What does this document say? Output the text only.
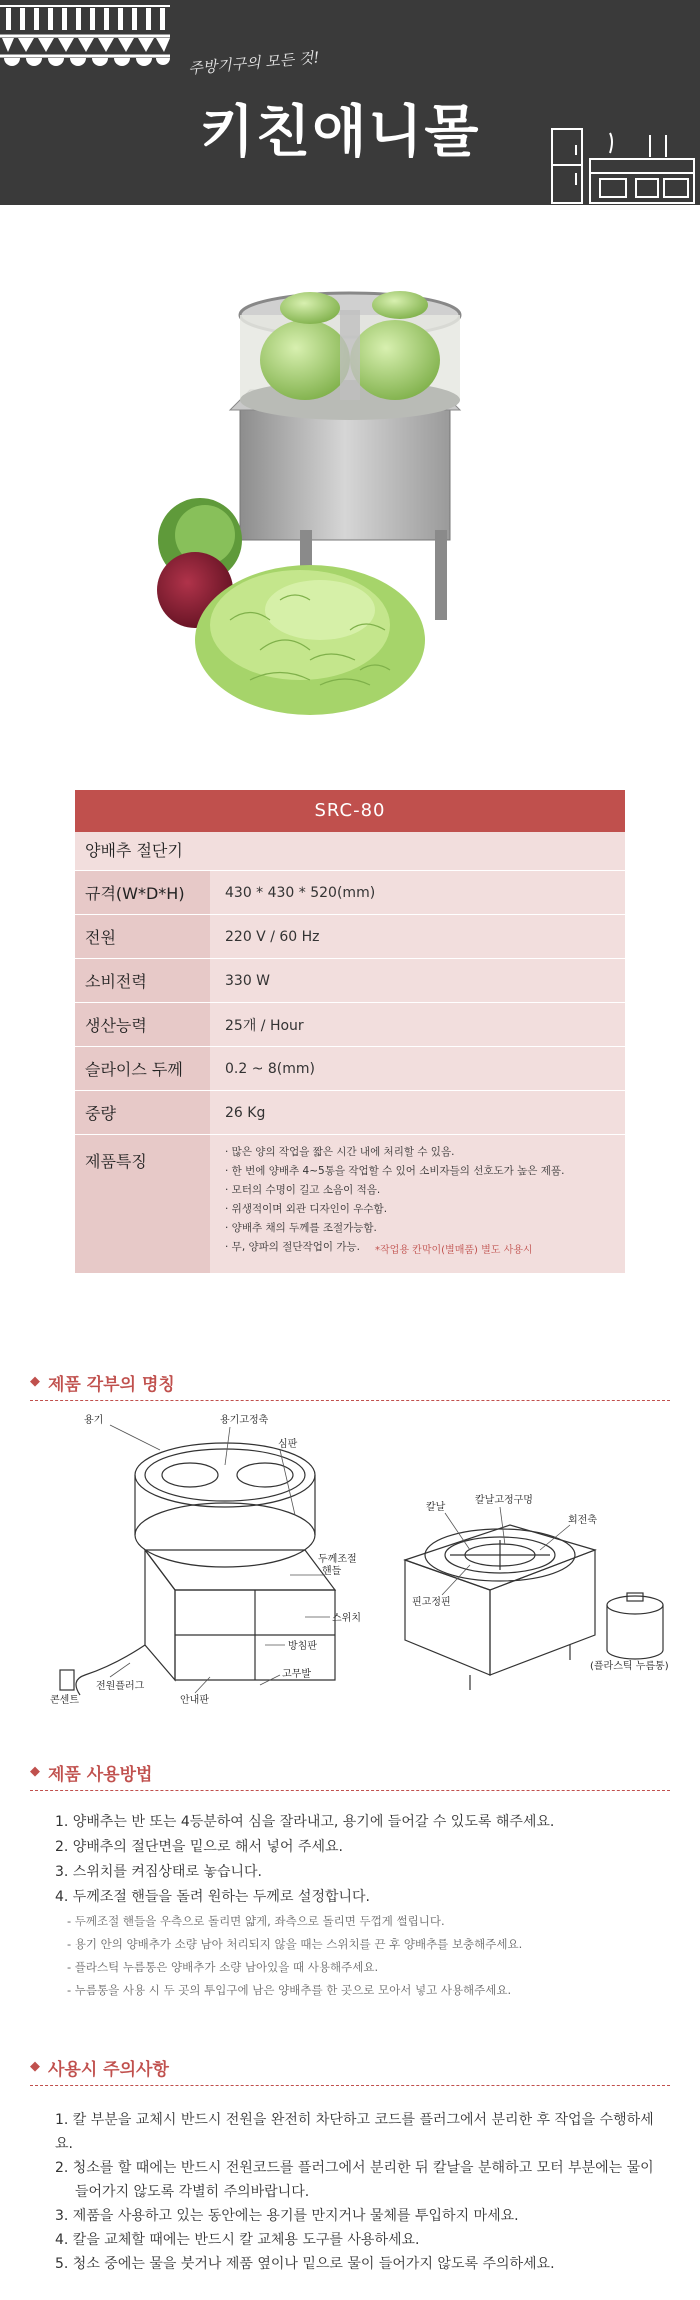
주방기구의 모든 것!
키친애니몰
SRC-80
양배추 절단기
규격(W*D*H)	430 * 430 * 520(mm)
전원	220 V / 60 Hz
소비전력	330 W
생산능력	25개 / Hour
슬라이스 두께	0.2 ~ 8(mm)
중량	26 Kg
제품특징	· 많은 양의 작업을 짧은 시간 내에 처리할 수 있음.
· 한 번에 양배추 4~5통을 작업할 수 있어 소비자들의 선호도가 높은 제품.
· 모터의 수명이 길고 소음이 적음.
· 위생적이며 외관 디자인이 우수함.
· 양배추 채의 두께를 조절가능함.
· 무, 양파의 절단작업이 가능.	*작업용 칸막이(별매품) 별도 사용시
◆ 제품 각부의 명칭
용기	용기고정축
심판
두께조절
핸들
스위치
방침판
고무발
안내판
전원플러그
콘센트
칼날
칼날고정구멍
회전축
핀고정핀
(플라스틱 누름통)
◆ 제품 사용방법
1. 양배추는 반 또는 4등분하여 심을 잘라내고, 용기에 들어갈 수 있도록 해주세요.
2. 양배추의 절단면을 밑으로 해서 넣어 주세요.
3. 스위치를 켜짐상태로 놓습니다.
4. 두께조절 핸들을 돌려 원하는 두께로 설정합니다.
- 두께조절 핸들을 우측으로 돌리면 얇게, 좌측으로 돌리면 두껍게 썰립니다.
- 용기 안의 양배추가 소량 남아 처리되지 않을 때는 스위치를 끈 후 양배추를 보충해주세요.
- 플라스틱 누름통은 양배추가 소량 남아있을 때 사용해주세요.
- 누름통을 사용 시 두 곳의 투입구에 남은 양배추를 한 곳으로 모아서 넣고 사용해주세요.
◆ 사용시 주의사항
1. 칼 부분을 교체시 반드시 전원을 완전히 차단하고 코드를 플러그에서 분리한 후 작업을 수행하세요.
2. 청소를 할 때에는 반드시 전원코드를 플러그에서 분리한 뒤 칼날을 분해하고 모터 부분에는 물이
들어가지 않도록 각별히 주의바랍니다.
3. 제품을 사용하고 있는 동안에는 용기를 만지거나 물체를 투입하지 마세요.
4. 칼을 교체할 때에는 반드시 칼 교체용 도구를 사용하세요.
5. 청소 중에는 물을 붓거나 제품 옆이나 밑으로 물이 들어가지 않도록 주의하세요.
